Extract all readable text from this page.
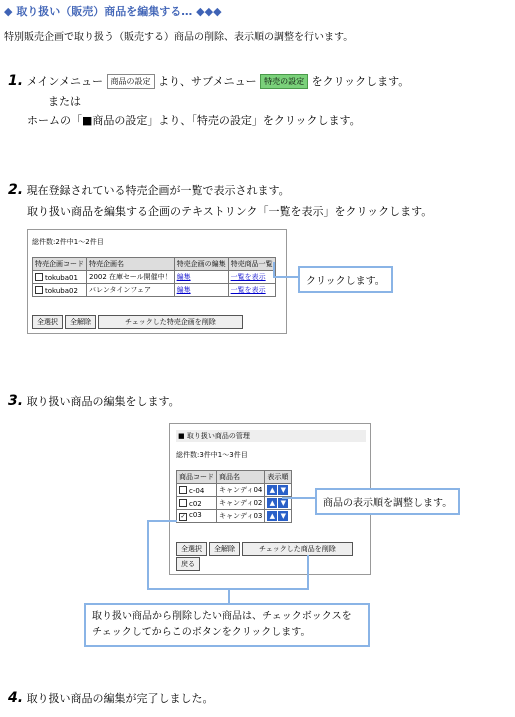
◆ 取り扱い（販売）商品を編集する… ◆◆◆
特別販売企画で取り扱う（販売する）商品の削除、表示順の調整を行います。
1. メインメニュー 商品の設定 より、サブメニュー 特売の設定 をクリックします。
または
ホームの「■商品の設定」より、「特売の設定」をクリックします。
2. 現在登録されている特売企画が一覧で表示されます。
取り扱い商品を編集する企画のテキストリンク「一覧を表示」をクリックします。
総件数:2件中1〜2件目
特売企画コード	特売企画名	特売企画の編集	特売商品一覧
tokuba01	2002 在庫セール開催中！	編集	一覧を表示
tokuba02	バレンタインフェア	編集	一覧を表示
全選択 全解除	チェックした特売企画を削除
クリックします。
3. 取り扱い商品の編集をします。
■ 取り扱い商品の管理
総件数:3件中1〜3件目
商品コード	商品名	表示順
c-04	キャンディ04	▲ ▼
c02	キャンディ02	▲ ▼
✓ c03	キャンディ03	▲ ▼
全選択 全解除	チェックした商品を削除
戻る
商品の表示順を調整します。
取り扱い商品から削除したい商品は、チェックボックスを
チェックしてからこのボタンをクリックします。
4. 取り扱い商品の編集が完了しました。
